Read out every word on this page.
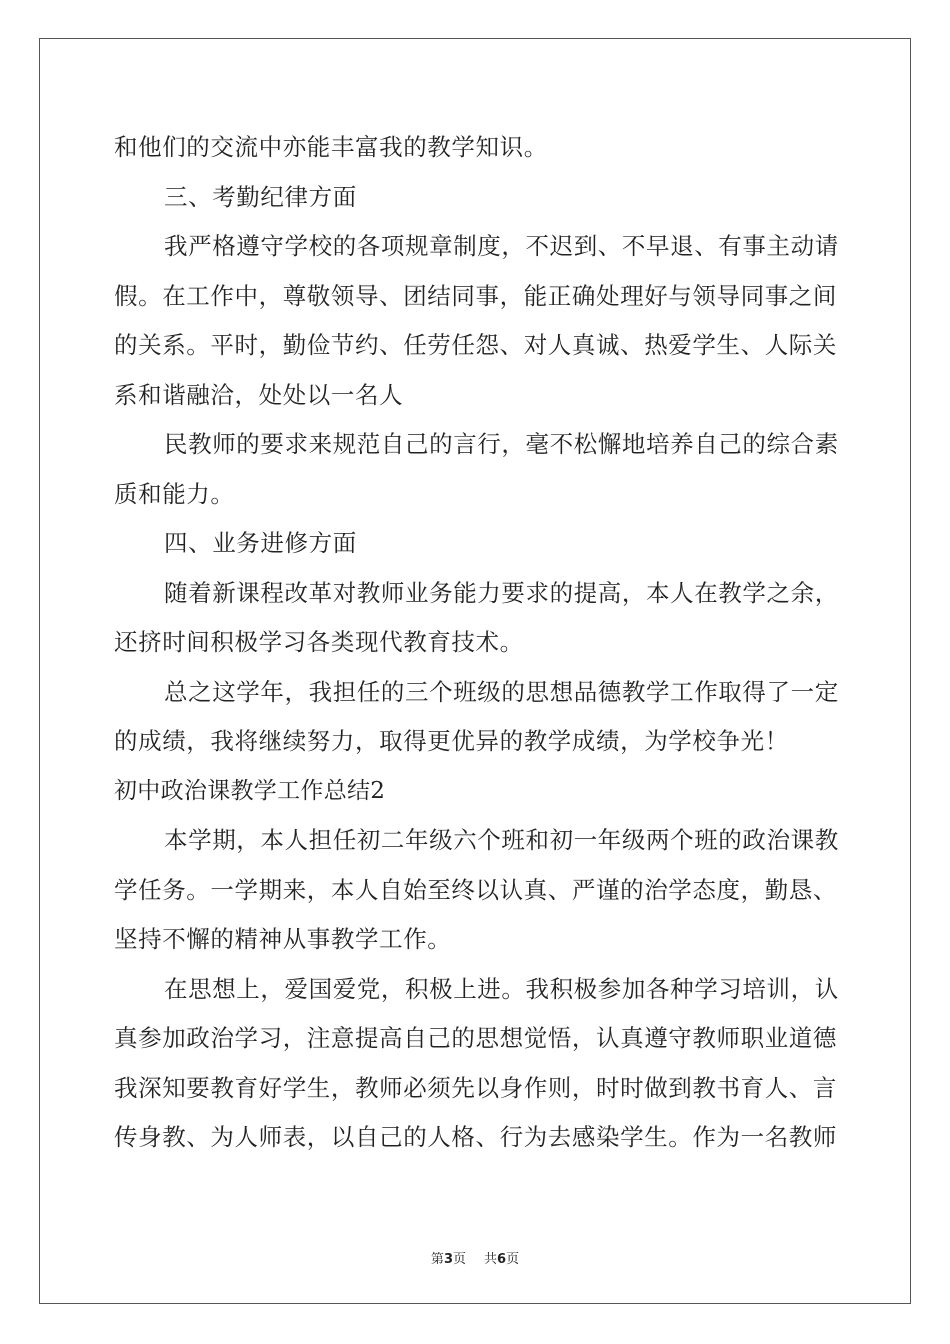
和他们的交流中亦能丰富我的教学知识。
三、考勤纪律方面
我严格遵守学校的各项规章制度，不迟到、不早退、有事主动请
假。在工作中，尊敬领导、团结同事，能正确处理好与领导同事之间
的关系。平时，勤俭节约、任劳任怨、对人真诚、热爱学生、人际关
系和谐融洽，处处以一名人
民教师的要求来规范自己的言行，毫不松懈地培养自己的综合素
质和能力。
四、业务进修方面
随着新课程改革对教师业务能力要求的提高，本人在教学之余，
还挤时间积极学习各类现代教育技术。
总之这学年，我担任的三个班级的思想品德教学工作取得了一定
的成绩，我将继续努力，取得更优异的教学成绩，为学校争光！
初中政治课教学工作总结2
本学期，本人担任初二年级六个班和初一年级两个班的政治课教
学任务。一学期来，本人自始至终以认真、严谨的治学态度，勤恳、
坚持不懈的精神从事教学工作。
在思想上，爱国爱党，积极上进。我积极参加各种学习培训，认
真参加政治学习，注意提高自己的思想觉悟，认真遵守教师职业道德
我深知要教育好学生，教师必须先以身作则，时时做到教书育人、言
传身教、为人师表，以自己的人格、行为去感染学生。作为一名教师
第3页 共6页
